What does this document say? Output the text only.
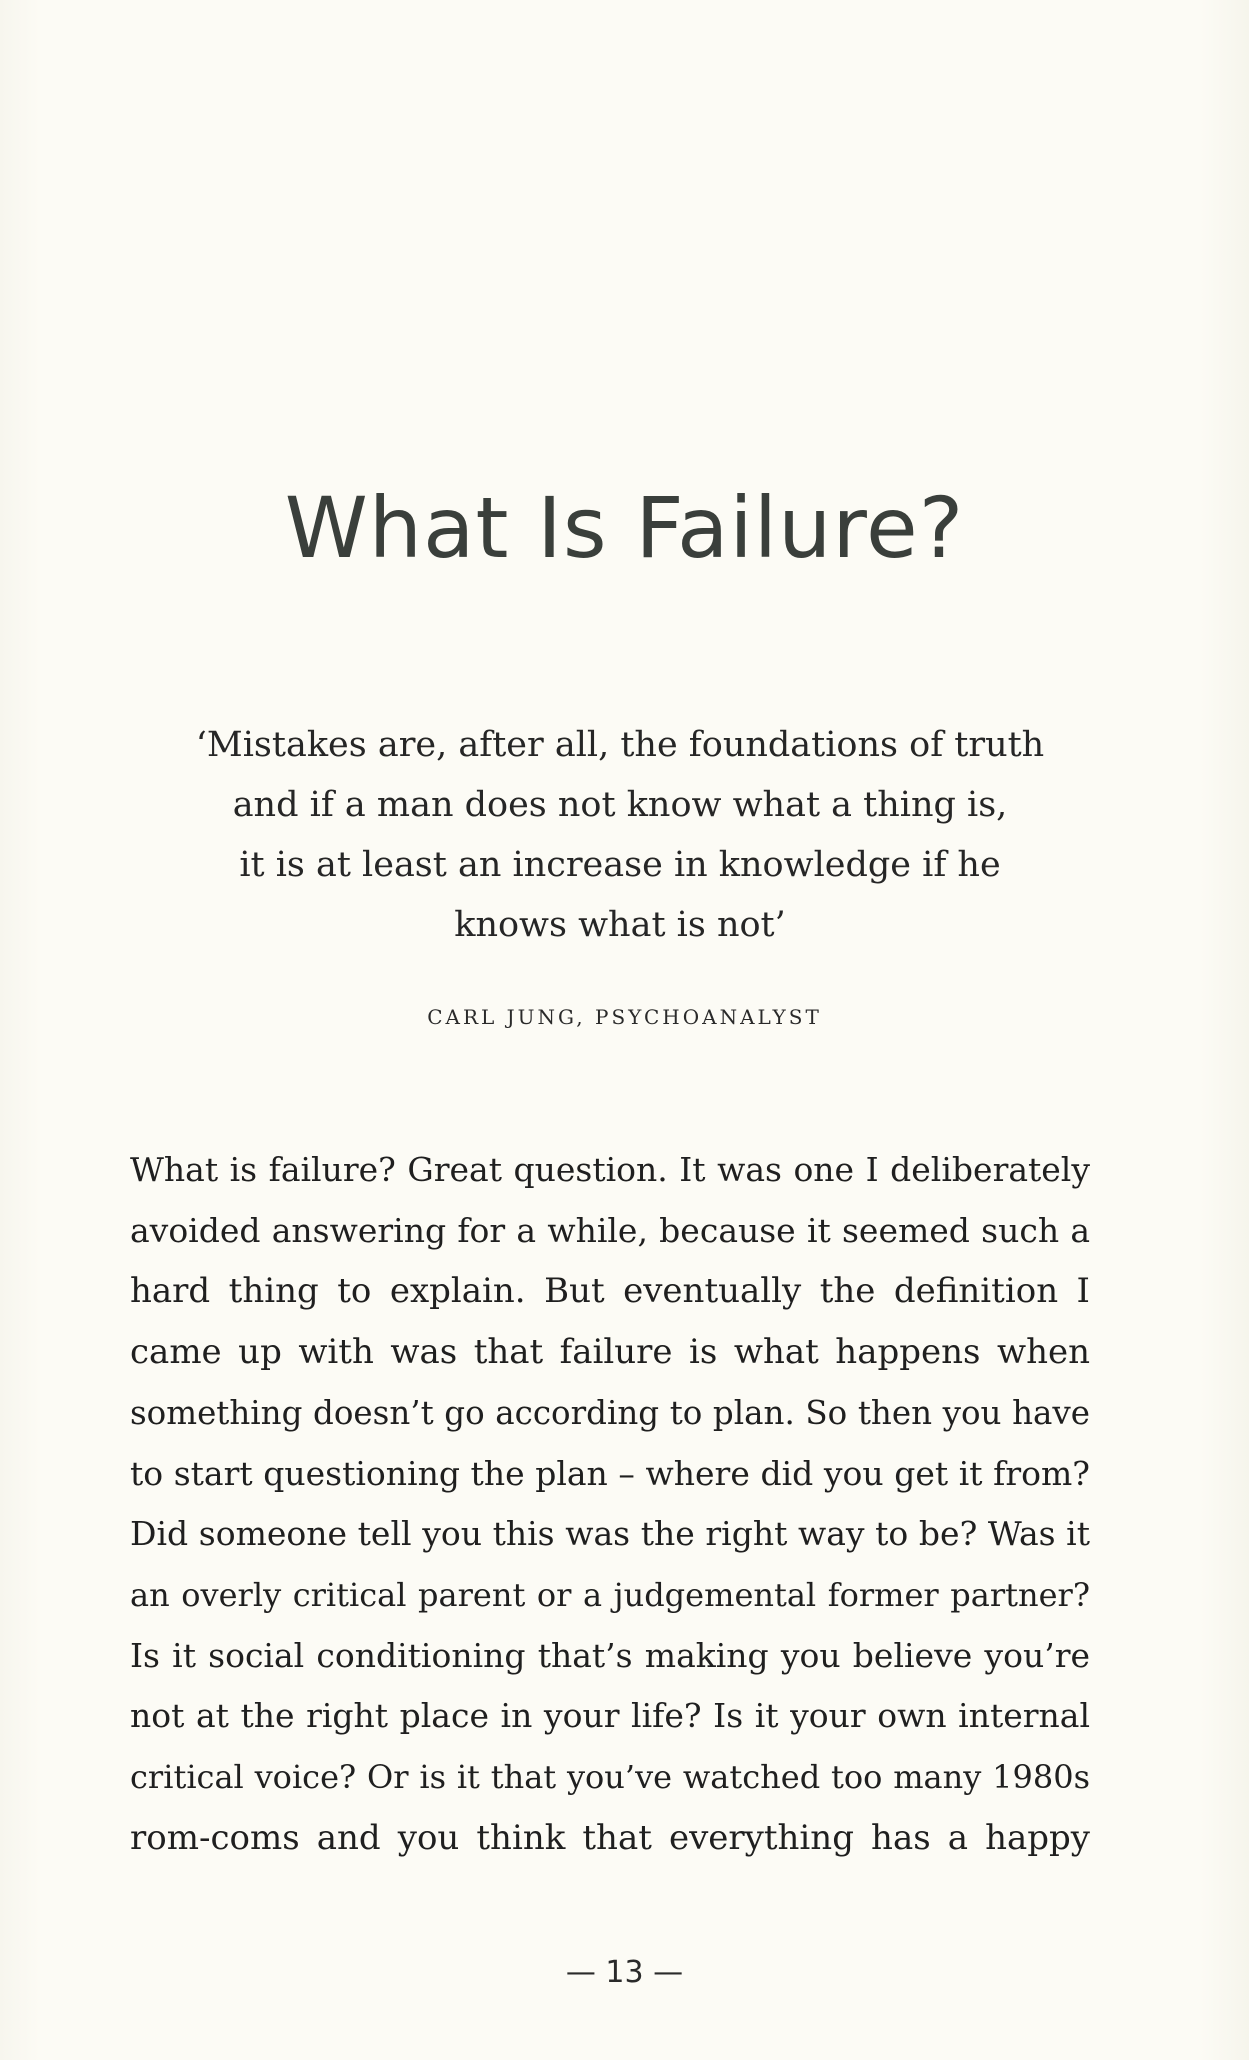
What Is Failure?

‘Mistakes are, after all, the foundations of truth
and if a man does not know what a thing is,
it is at least an increase in knowledge if he
knows what is not’

CARL JUNG, PSYCHOANALYST

What is failure? Great question. It was one I deliberately
avoided answering for a while, because it seemed such a
hard thing to explain. But eventually the definition I
came up with was that failure is what happens when
something doesn’t go according to plan. So then you have
to start questioning the plan – where did you get it from?
Did someone tell you this was the right way to be? Was it
an overly critical parent or a judgemental former partner?
Is it social conditioning that’s making you believe you’re
not at the right place in your life? Is it your own internal
critical voice? Or is it that you’ve watched too many 1980s
rom-coms and you think that everything has a happy

— 13 —
